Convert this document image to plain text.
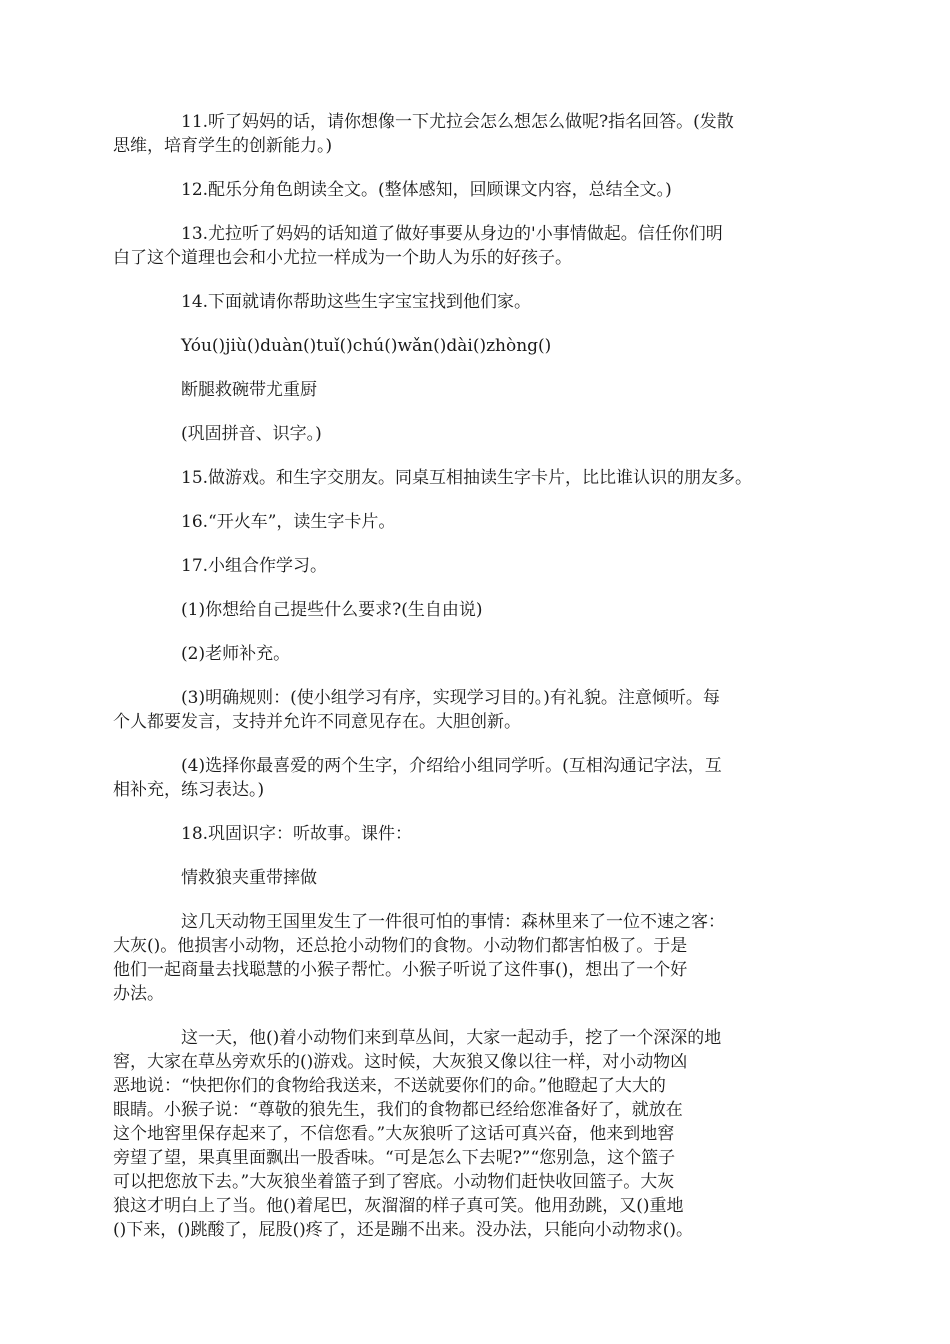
11.听了妈妈的话，请你想像一下尤拉会怎么想怎么做呢?指名回答。(发散
思维，培育学生的创新能力。)
12.配乐分角色朗读全文。(整体感知，回顾课文内容，总结全文。)
13.尤拉听了妈妈的话知道了做好事要从身边的'小事情做起。信任你们明
白了这个道理也会和小尤拉一样成为一个助人为乐的好孩子。
14.下面就请你帮助这些生字宝宝找到他们家。
Yóu()jiù()duàn()tuǐ()chú()wǎn()dài()zhòng()
断腿救碗带尤重厨
(巩固拼音、识字。)
15.做游戏。和生字交朋友。同桌互相抽读生字卡片，比比谁认识的朋友多。
16.“开火车”，读生字卡片。
17.小组合作学习。
(1)你想给自己提些什么要求?(生自由说)
(2)老师补充。
(3)明确规则：(使小组学习有序，实现学习目的。)有礼貌。注意倾听。每
个人都要发言，支持并允许不同意见存在。大胆创新。
(4)选择你最喜爱的两个生字，介绍给小组同学听。(互相沟通记字法，互
相补充，练习表达。)
18.巩固识字：听故事。课件：
情救狼夹重带摔做
这几天动物王国里发生了一件很可怕的事情：森林里来了一位不速之客：
大灰()。他损害小动物，还总抢小动物们的食物。小动物们都害怕极了。于是
他们一起商量去找聪慧的小猴子帮忙。小猴子听说了这件事()，想出了一个好
办法。
这一天，他()着小动物们来到草丛间，大家一起动手，挖了一个深深的地
窖，大家在草丛旁欢乐的()游戏。这时候，大灰狼又像以往一样，对小动物凶
恶地说：“快把你们的食物给我送来，不送就要你们的命。”他瞪起了大大的
眼睛。小猴子说：“尊敬的狼先生，我们的食物都已经给您准备好了，就放在
这个地窖里保存起来了，不信您看。”大灰狼听了这话可真兴奋，他来到地窖
旁望了望，果真里面飘出一股香味。“可是怎么下去呢?”“您别急，这个篮子
可以把您放下去。”大灰狼坐着篮子到了窖底。小动物们赶快收回篮子。大灰
狼这才明白上了当。他()着尾巴，灰溜溜的样子真可笑。他用劲跳，又()重地
()下来，()跳酸了，屁股()疼了，还是蹦不出来。没办法，只能向小动物求()。
